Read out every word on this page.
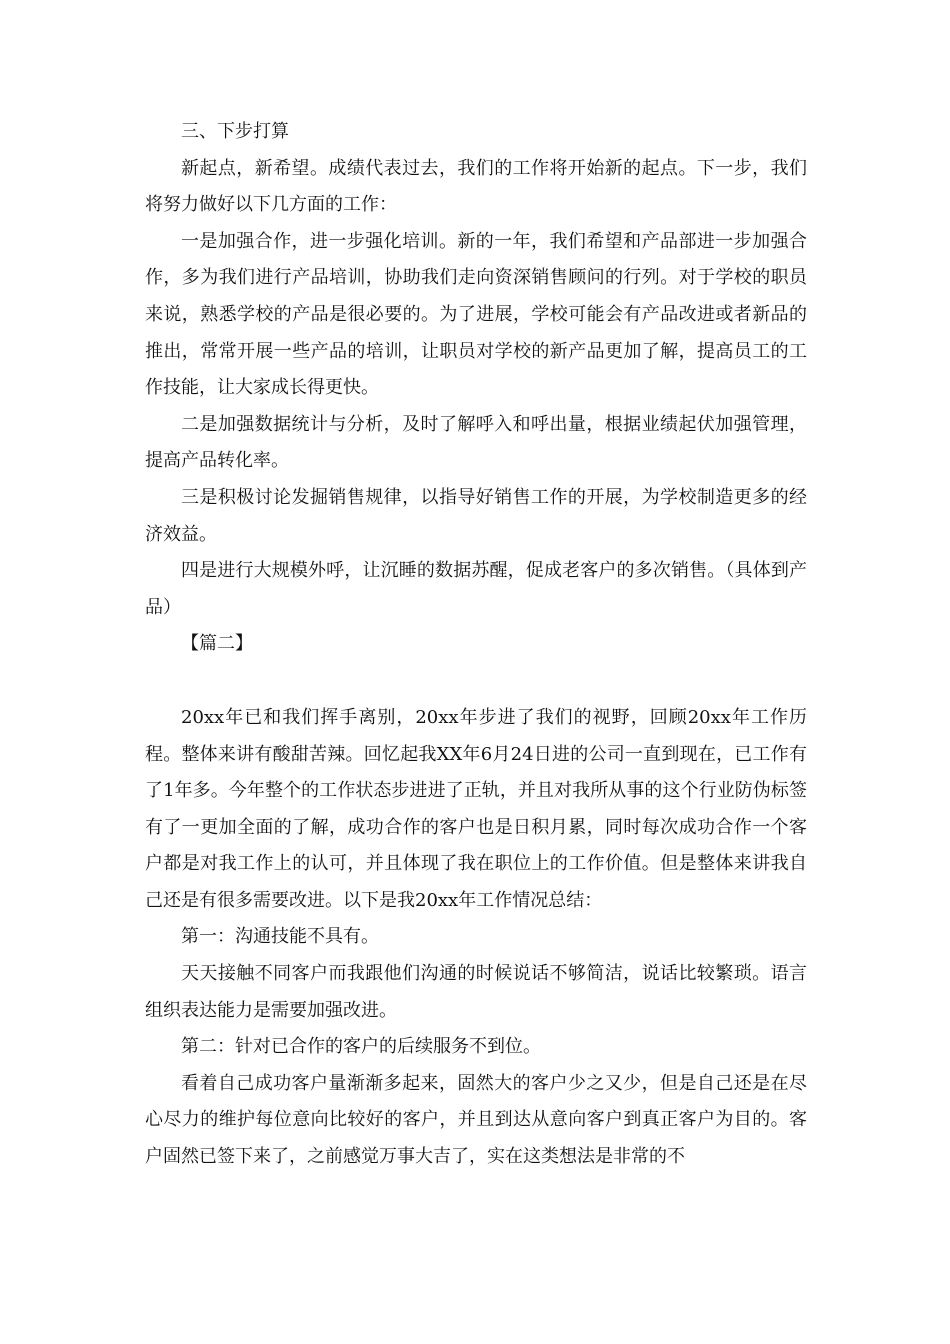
三、下步打算

新起点，新希望。成绩代表过去，我们的工作将开始新的起点。下一步，我们将努力做好以下几方面的工作：

一是加强合作，进一步强化培训。新的一年，我们希望和产品部进一步加强合作，多为我们进行产品培训，协助我们走向资深销售顾问的行列。对于学校的职员来说，熟悉学校的产品是很必要的。为了进展，学校可能会有产品改进或者新品的推出，常常开展一些产品的培训，让职员对学校的新产品更加了解，提高员工的工作技能，让大家成长得更快。

二是加强数据统计与分析，及时了解呼入和呼出量，根据业绩起伏加强管理，提高产品转化率。

三是积极讨论发掘销售规律，以指导好销售工作的开展，为学校制造更多的经济效益。

四是进行大规模外呼，让沉睡的数据苏醒，促成老客户的多次销售。（具体到产品）

【篇二】

20xx年已和我们挥手离别，20xx年步进了我们的视野，回顾20xx年工作历程。整体来讲有酸甜苦辣。回忆起我XX年6月24日进的公司一直到现在，已工作有了1年多。今年整个的工作状态步进进了正轨，并且对我所从事的这个行业防伪标签有了一更加全面的了解，成功合作的客户也是日积月累，同时每次成功合作一个客户都是对我工作上的认可，并且体现了我在职位上的工作价值。但是整体来讲我自己还是有很多需要改进。以下是我20xx年工作情况总结：

第一：沟通技能不具有。

天天接触不同客户而我跟他们沟通的时候说话不够简洁，说话比较繁琐。语言组织表达能力是需要加强改进。

第二：针对已合作的客户的后续服务不到位。

看着自己成功客户量渐渐多起来，固然大的客户少之又少，但是自己还是在尽心尽力的维护每位意向比较好的客户，并且到达从意向客户到真正客户为目的。客户固然已签下来了，之前感觉万事大吉了，实在这类想法是非常的不
